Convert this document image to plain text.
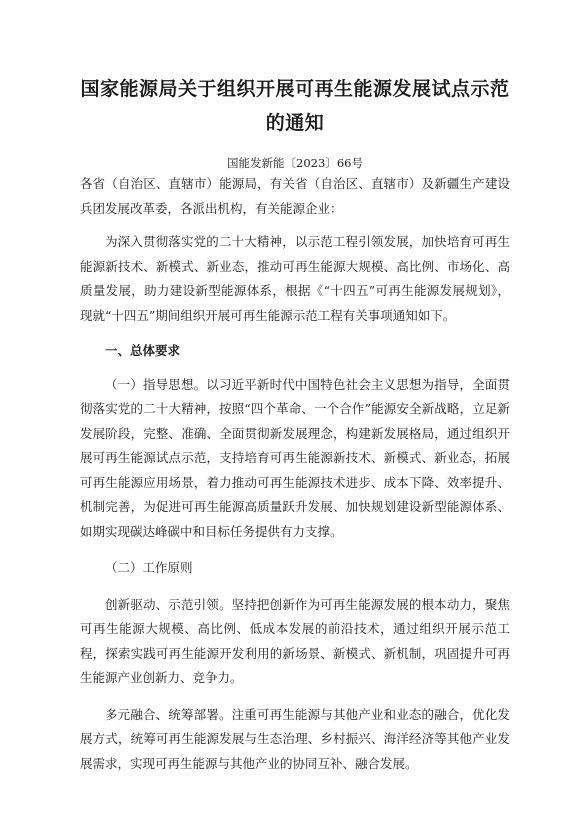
国家能源局关于组织开展可再生能源发展试点示范
的通知
国能发新能〔2023〕66号

各省（自治区、直辖市）能源局，有关省（自治区、直辖市）及新疆生产建设兵团发展改革委，各派出机构，有关能源企业：

为深入贯彻落实党的二十大精神，以示范工程引领发展，加快培育可再生能源新技术、新模式、新业态，推动可再生能源大规模、高比例、市场化、高质量发展，助力建设新型能源体系，根据《“十四五”可再生能源发展规划》，现就“十四五”期间组织开展可再生能源示范工程有关事项通知如下。

一、总体要求

（一）指导思想。以习近平新时代中国特色社会主义思想为指导，全面贯彻落实党的二十大精神，按照“四个革命、一个合作”能源安全新战略，立足新发展阶段，完整、准确、全面贯彻新发展理念，构建新发展格局，通过组织开展可再生能源试点示范，支持培育可再生能源新技术、新模式、新业态，拓展可再生能源应用场景，着力推动可再生能源技术进步、成本下降、效率提升、机制完善，为促进可再生能源高质量跃升发展、加快规划建设新型能源体系、如期实现碳达峰碳中和目标任务提供有力支撑。

（二）工作原则

创新驱动、示范引领。坚持把创新作为可再生能源发展的根本动力，聚焦可再生能源大规模、高比例、低成本发展的前沿技术，通过组织开展示范工程，探索实践可再生能源开发利用的新场景、新模式、新机制，巩固提升可再生能源产业创新力、竞争力。

多元融合、统筹部署。注重可再生能源与其他产业和业态的融合，优化发展方式，统筹可再生能源发展与生态治理、乡村振兴、海洋经济等其他产业发展需求，实现可再生能源与其他产业的协同互补、融合发展。
